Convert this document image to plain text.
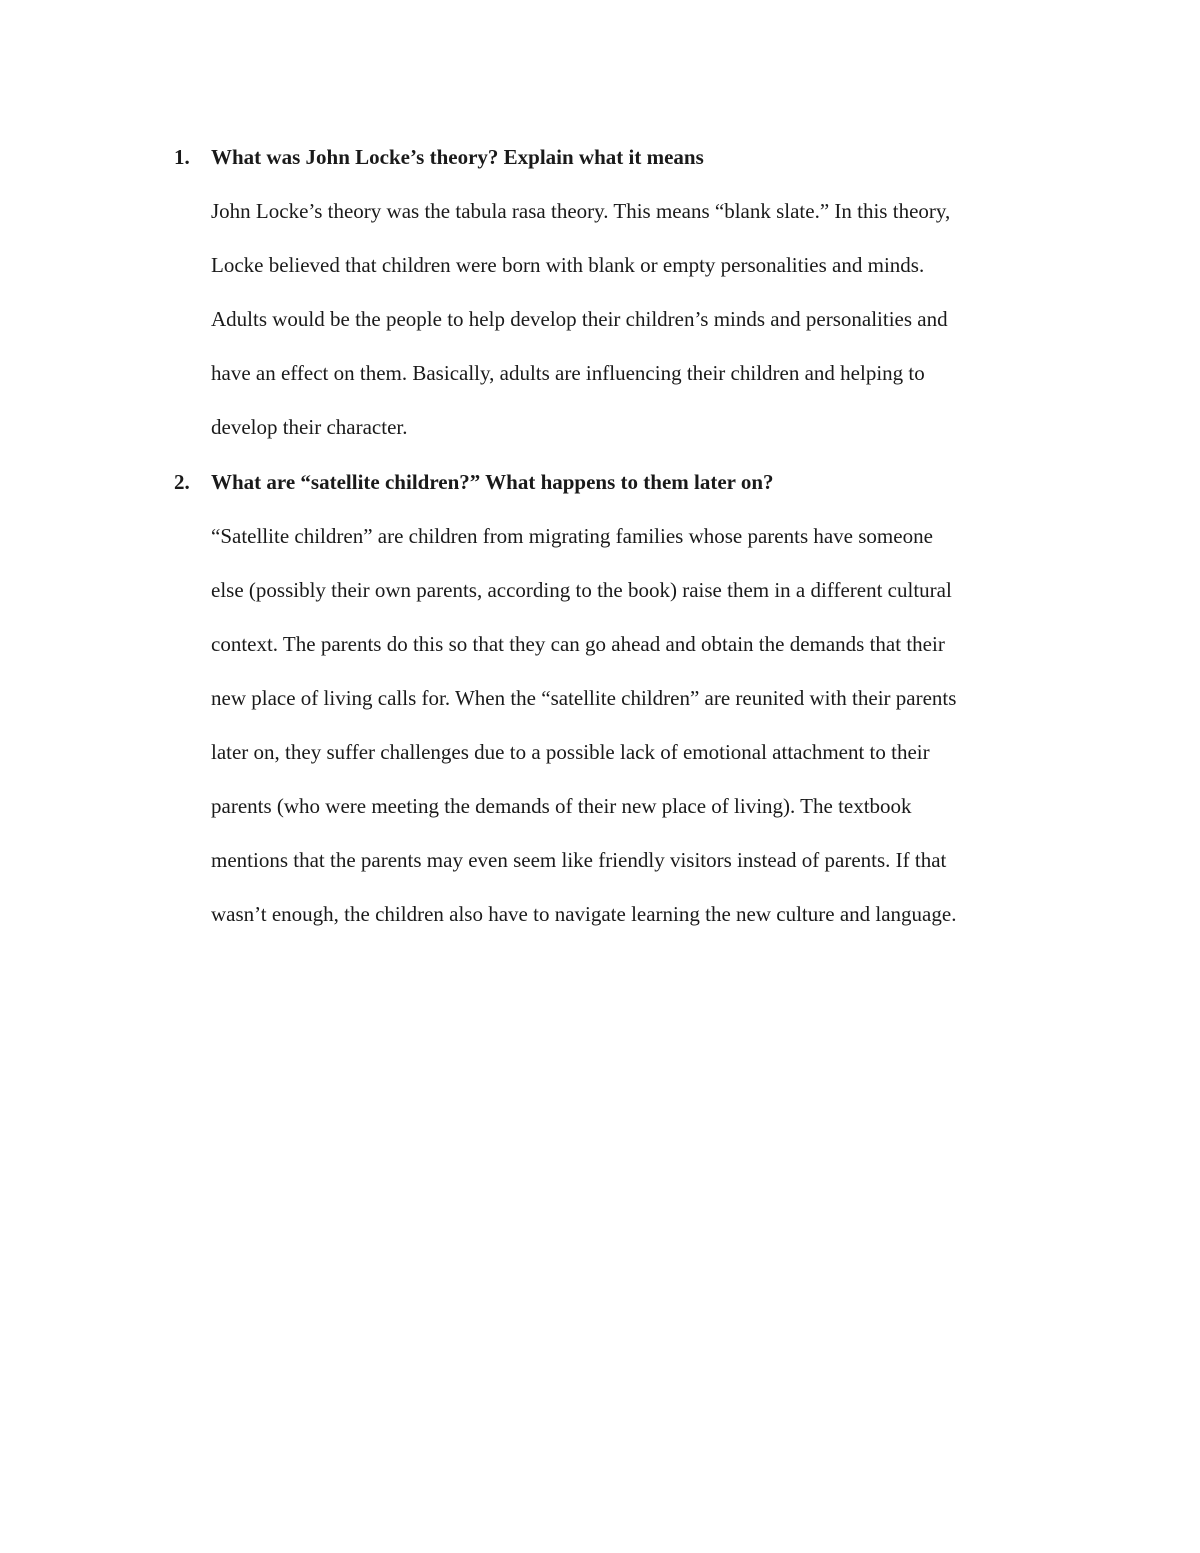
1.	What was John Locke’s theory? Explain what it means
John Locke’s theory was the tabula rasa theory. This means “blank slate.” In this theory,
Locke believed that children were born with blank or empty personalities and minds.
Adults would be the people to help develop their children’s minds and personalities and
have an effect on them. Basically, adults are influencing their children and helping to
develop their character.
2.	What are “satellite children?” What happens to them later on?
“Satellite children” are children from migrating families whose parents have someone
else (possibly their own parents, according to the book) raise them in a different cultural
context. The parents do this so that they can go ahead and obtain the demands that their
new place of living calls for. When the “satellite children” are reunited with their parents
later on, they suffer challenges due to a possible lack of emotional attachment to their
parents (who were meeting the demands of their new place of living). The textbook
mentions that the parents may even seem like friendly visitors instead of parents. If that
wasn’t enough, the children also have to navigate learning the new culture and language.
